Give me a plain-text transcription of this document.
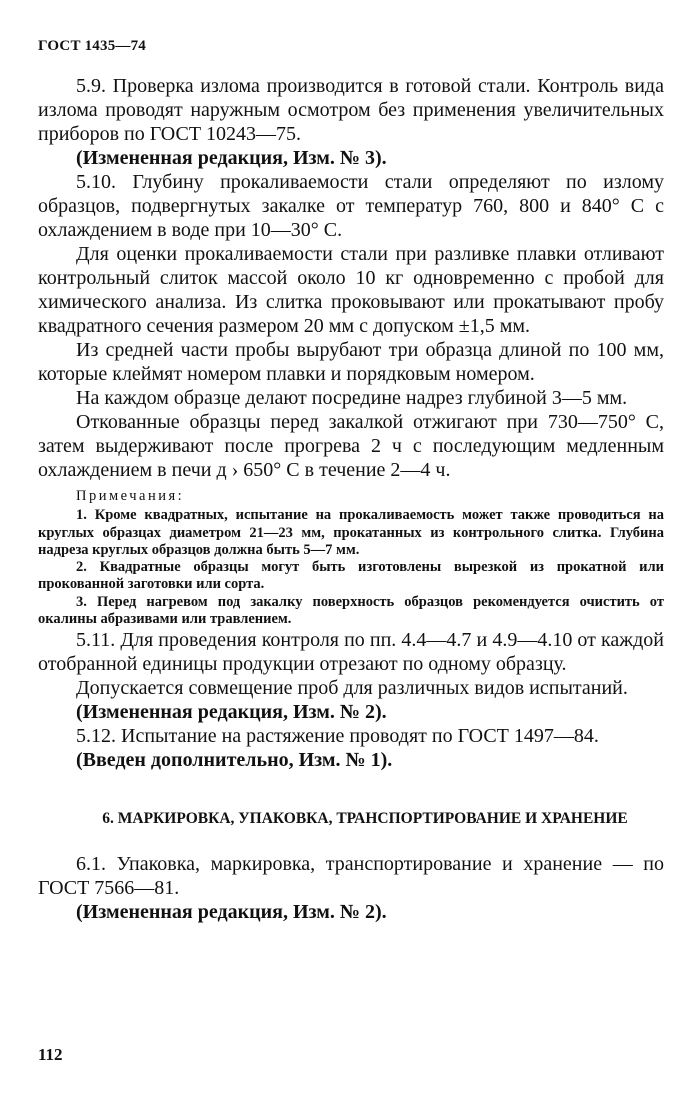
ГОСТ 1435—74

5.9. Проверка излома производится в готовой стали. Контроль вида излома проводят наружным осмотром без применения увеличительных приборов по ГОСТ 10243—75.

(Измененная редакция, Изм. № 3).

5.10. Глубину прокаливаемости стали определяют по излому образцов, подвергнутых закалке от температур 760, 800 и 840° С с охлаждением в воде при 10—30° С.

Для оценки прокаливаемости стали при разливке плавки отливают контрольный слиток массой около 10 кг одновременно с пробой для химического анализа. Из слитка проковывают или прокатывают пробу квадратного сечения размером 20 мм с допуском ±1,5 мм.

Из средней части пробы вырубают три образца длиной по 100 мм, которые клеймят номером плавки и порядковым номером.

На каждом образце делают посредине надрез глубиной 3—5 мм.

Откованные образцы перед закалкой отжигают при 730—750° С, затем выдерживают после прогрева 2 ч с последующим медленным охлаждением в печи д › 650° С в течение 2—4 ч.

Примечания:

1. Кроме квадратных, испытание на прокаливаемость может также проводиться на круглых образцах диаметром 21—23 мм, прокатанных из контрольного слитка. Глубина надреза круглых образцов должна быть 5—7 мм.

2. Квадратные образцы могут быть изготовлены вырезкой из прокатной или прокованной заготовки или сорта.

3. Перед нагревом под закалку поверхность образцов рекомендуется очистить от окалины абразивами или травлением.

5.11. Для проведения контроля по пп. 4.4—4.7 и 4.9—4.10 от каждой отобранной единицы продукции отрезают по одному образцу.

Допускается совмещение проб для различных видов испытаний.

(Измененная редакция, Изм. № 2).

5.12. Испытание на растяжение проводят по ГОСТ 1497—84.

(Введен дополнительно, Изм. № 1).

6. МАРКИРОВКА, УПАКОВКА, ТРАНСПОРТИРОВАНИЕ И ХРАНЕНИЕ

6.1. Упаковка, маркировка, транспортирование и хранение — по ГОСТ 7566—81.

(Измененная редакция, Изм. № 2).

112
